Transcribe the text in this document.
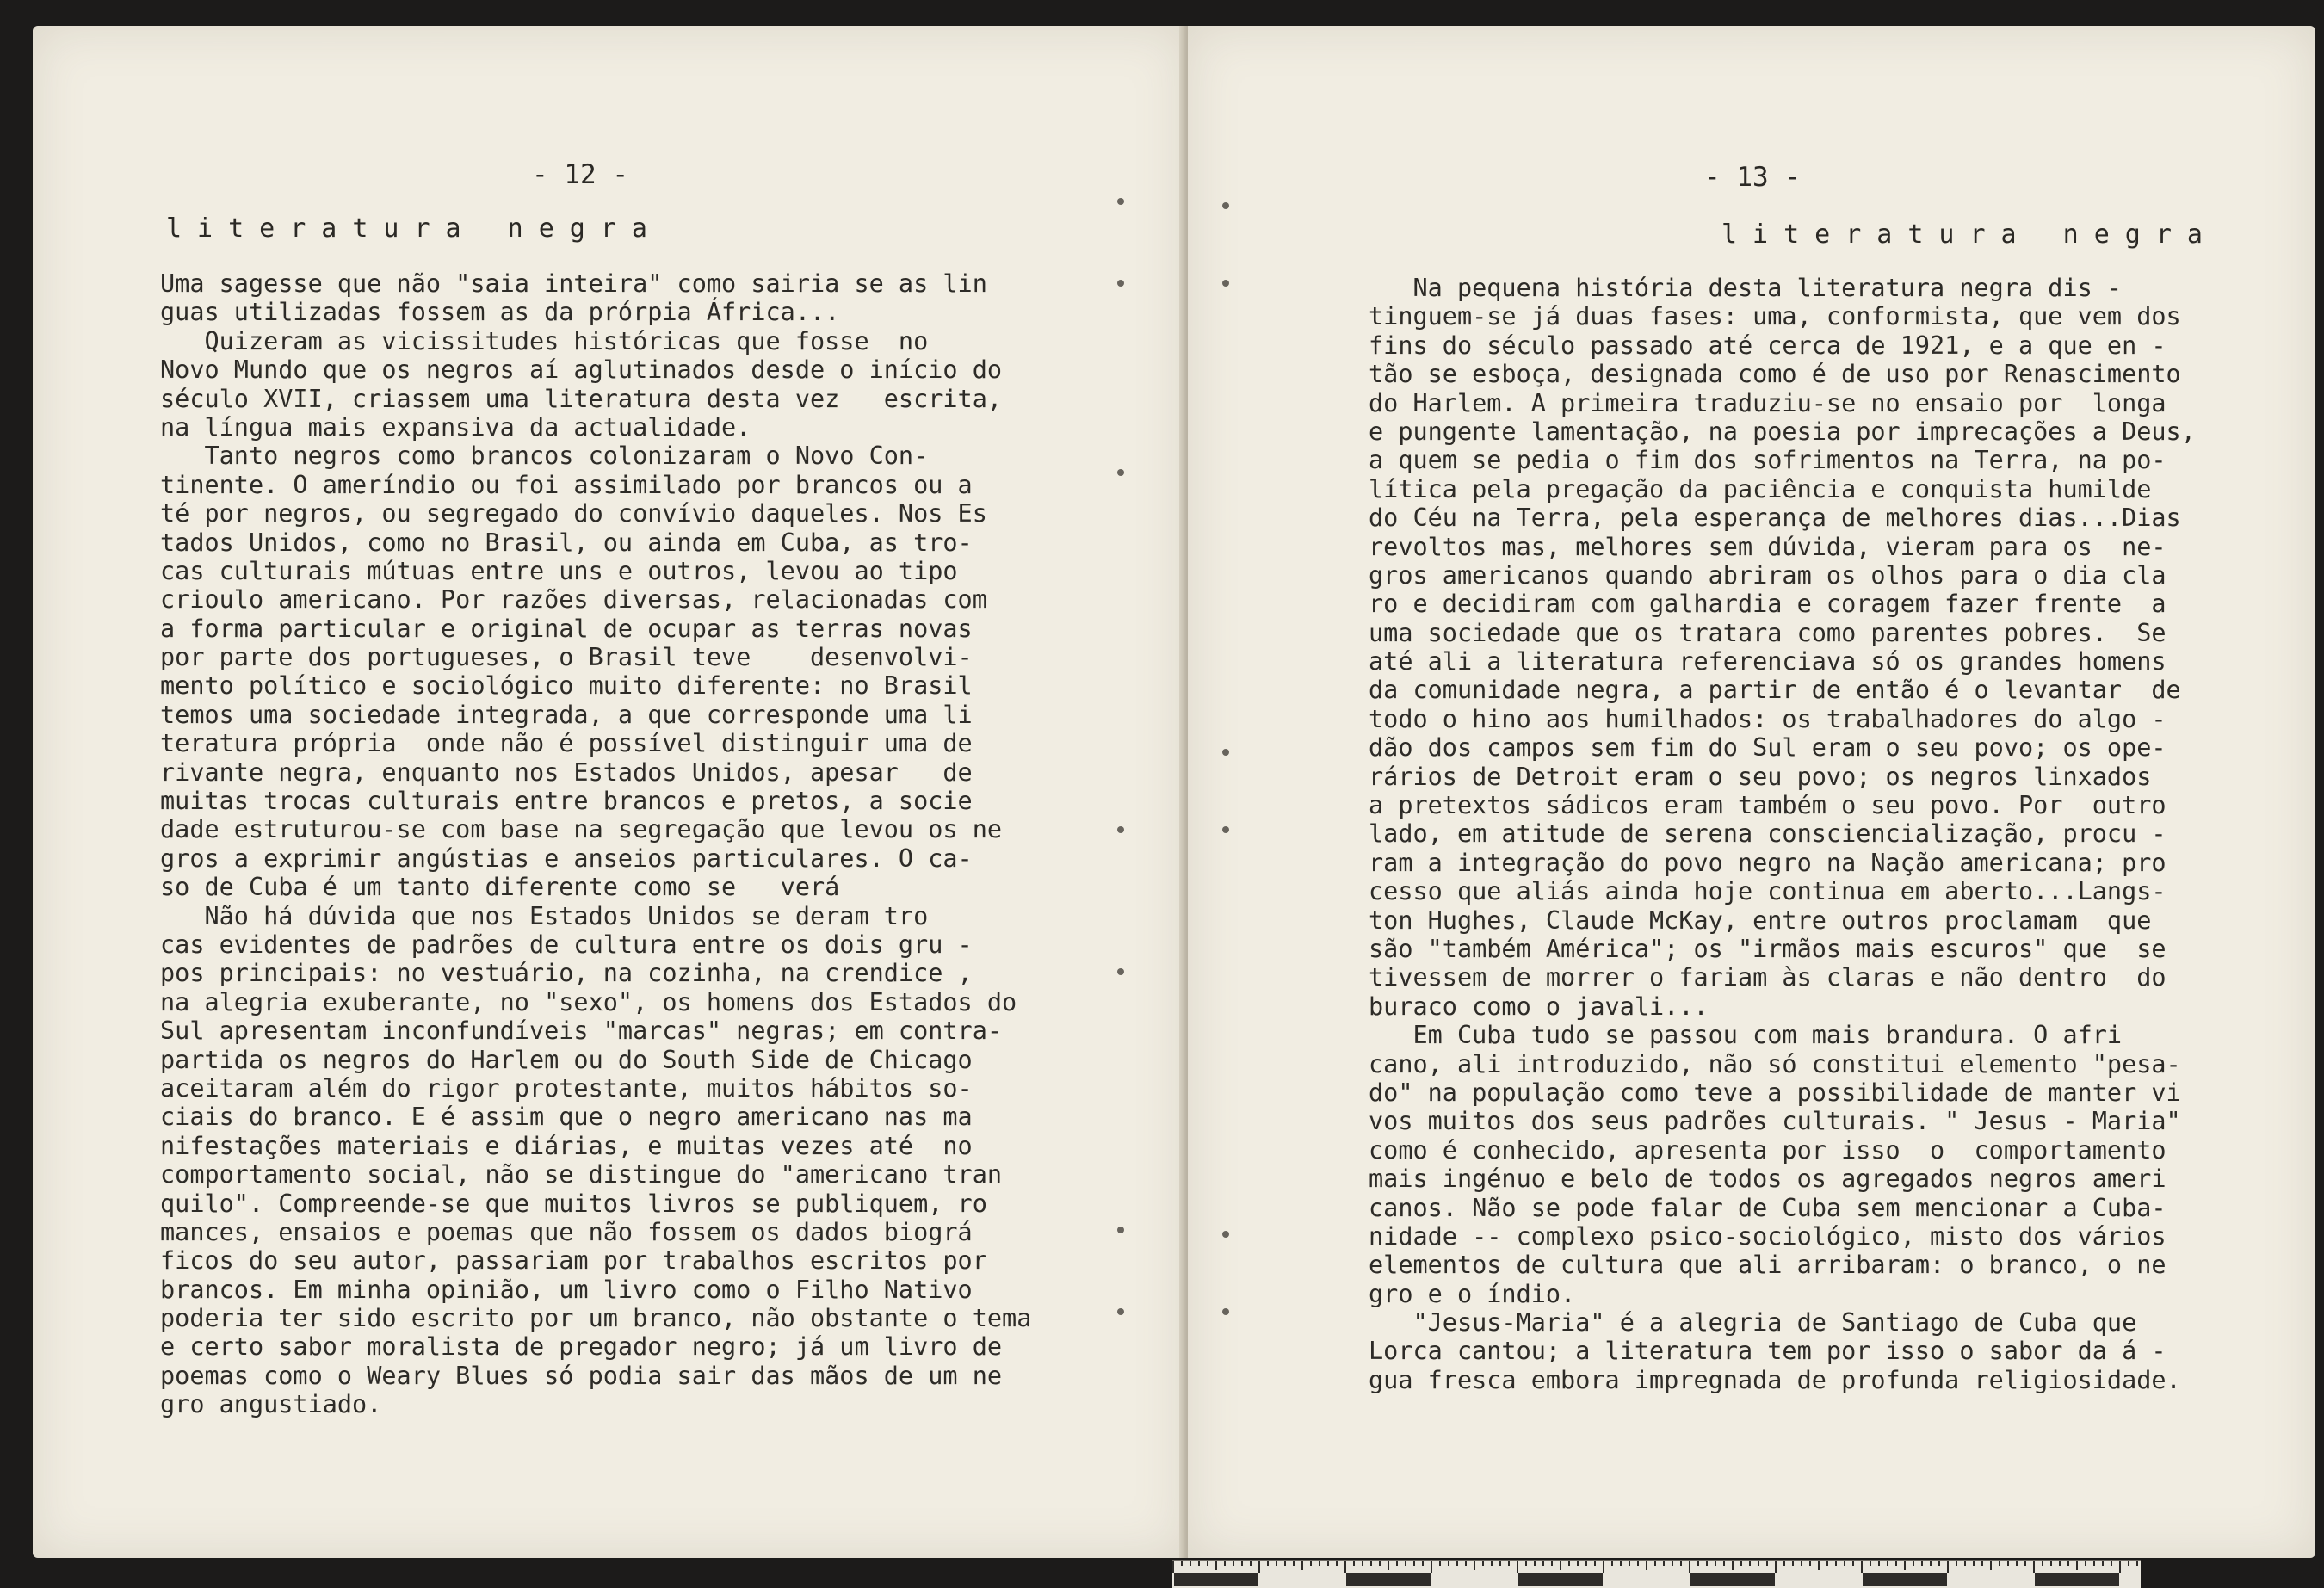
- 12 -
literatura negra
Uma sagesse que não "saia inteira" como sairia se as lin
guas utilizadas fossem as da prórpia África...
Quizeram as vicissitudes históricas que fosse  no
Novo Mundo que os negros aí aglutinados desde o início do
século XVII, criassem uma literatura desta vez   escrita,
na língua mais expansiva da actualidade.
Tanto negros como brancos colonizaram o Novo Con-
tinente. O ameríndio ou foi assimilado por brancos ou a
té por negros, ou segregado do convívio daqueles. Nos Es
tados Unidos, como no Brasil, ou ainda em Cuba, as tro-
cas culturais mútuas entre uns e outros, levou ao tipo
crioulo americano. Por razões diversas, relacionadas com
a forma particular e original de ocupar as terras novas
por parte dos portugueses, o Brasil teve    desenvolvi-
mento político e sociológico muito diferente: no Brasil
temos uma sociedade integrada, a que corresponde uma li
teratura própria  onde não é possível distinguir uma de
rivante negra, enquanto nos Estados Unidos, apesar   de
muitas trocas culturais entre brancos e pretos, a socie
dade estruturou-se com base na segregação que levou os ne
gros a exprimir angústias e anseios particulares. O ca-
so de Cuba é um tanto diferente como se   verá
Não há dúvida que nos Estados Unidos se deram tro
cas evidentes de padrões de cultura entre os dois gru -
pos principais: no vestuário, na cozinha, na crendice ,
na alegria exuberante, no "sexo", os homens dos Estados do
Sul apresentam inconfundíveis "marcas" negras; em contra-
partida os negros do Harlem ou do South Side de Chicago
aceitaram além do rigor protestante, muitos hábitos so-
ciais do branco. E é assim que o negro americano nas ma
nifestações materiais e diárias, e muitas vezes até  no
comportamento social, não se distingue do "americano tran
quilo". Compreende-se que muitos livros se publiquem, ro
mances, ensaios e poemas que não fossem os dados biográ
ficos do seu autor, passariam por trabalhos escritos por
brancos. Em minha opinião, um livro como o Filho Nativo
poderia ter sido escrito por um branco, não obstante o tema
e certo sabor moralista de pregador negro; já um livro de
poemas como o Weary Blues só podia sair das mãos de um ne
gro angustiado.
- 13 -
literatura negra
Na pequena história desta literatura negra dis -
tinguem-se já duas fases: uma, conformista, que vem dos
fins do século passado até cerca de 1921, e a que en -
tão se esboça, designada como é de uso por Renascimento
do Harlem. A primeira traduziu-se no ensaio por  longa
e pungente lamentação, na poesia por imprecações a Deus,
a quem se pedia o fim dos sofrimentos na Terra, na po-
lítica pela pregação da paciência e conquista humilde
do Céu na Terra, pela esperança de melhores dias...Dias
revoltos mas, melhores sem dúvida, vieram para os  ne-
gros americanos quando abriram os olhos para o dia cla
ro e decidiram com galhardia e coragem fazer frente  a
uma sociedade que os tratara como parentes pobres.  Se
até ali a literatura referenciava só os grandes homens
da comunidade negra, a partir de então é o levantar  de
todo o hino aos humilhados: os trabalhadores do algo -
dão dos campos sem fim do Sul eram o seu povo; os ope-
rários de Detroit eram o seu povo; os negros linxados
a pretextos sádicos eram também o seu povo. Por  outro
lado, em atitude de serena consciencialização, procu -
ram a integração do povo negro na Nação americana; pro
cesso que aliás ainda hoje continua em aberto...Langs-
ton Hughes, Claude McKay, entre outros proclamam  que
são "também América"; os "irmãos mais escuros" que  se
tivessem de morrer o fariam às claras e não dentro  do
buraco como o javali...
Em Cuba tudo se passou com mais brandura. O afri
cano, ali introduzido, não só constitui elemento "pesa-
do" na população como teve a possibilidade de manter vi
vos muitos dos seus padrões culturais. " Jesus - Maria"
como é conhecido, apresenta por isso  o  comportamento
mais ingénuo e belo de todos os agregados negros ameri
canos. Não se pode falar de Cuba sem mencionar a Cuba-
nidade -- complexo psico-sociológico, misto dos vários
elementos de cultura que ali arribaram: o branco, o ne
gro e o índio.
"Jesus-Maria" é a alegria de Santiago de Cuba que
Lorca cantou; a literatura tem por isso o sabor da á -
gua fresca embora impregnada de profunda religiosidade.
